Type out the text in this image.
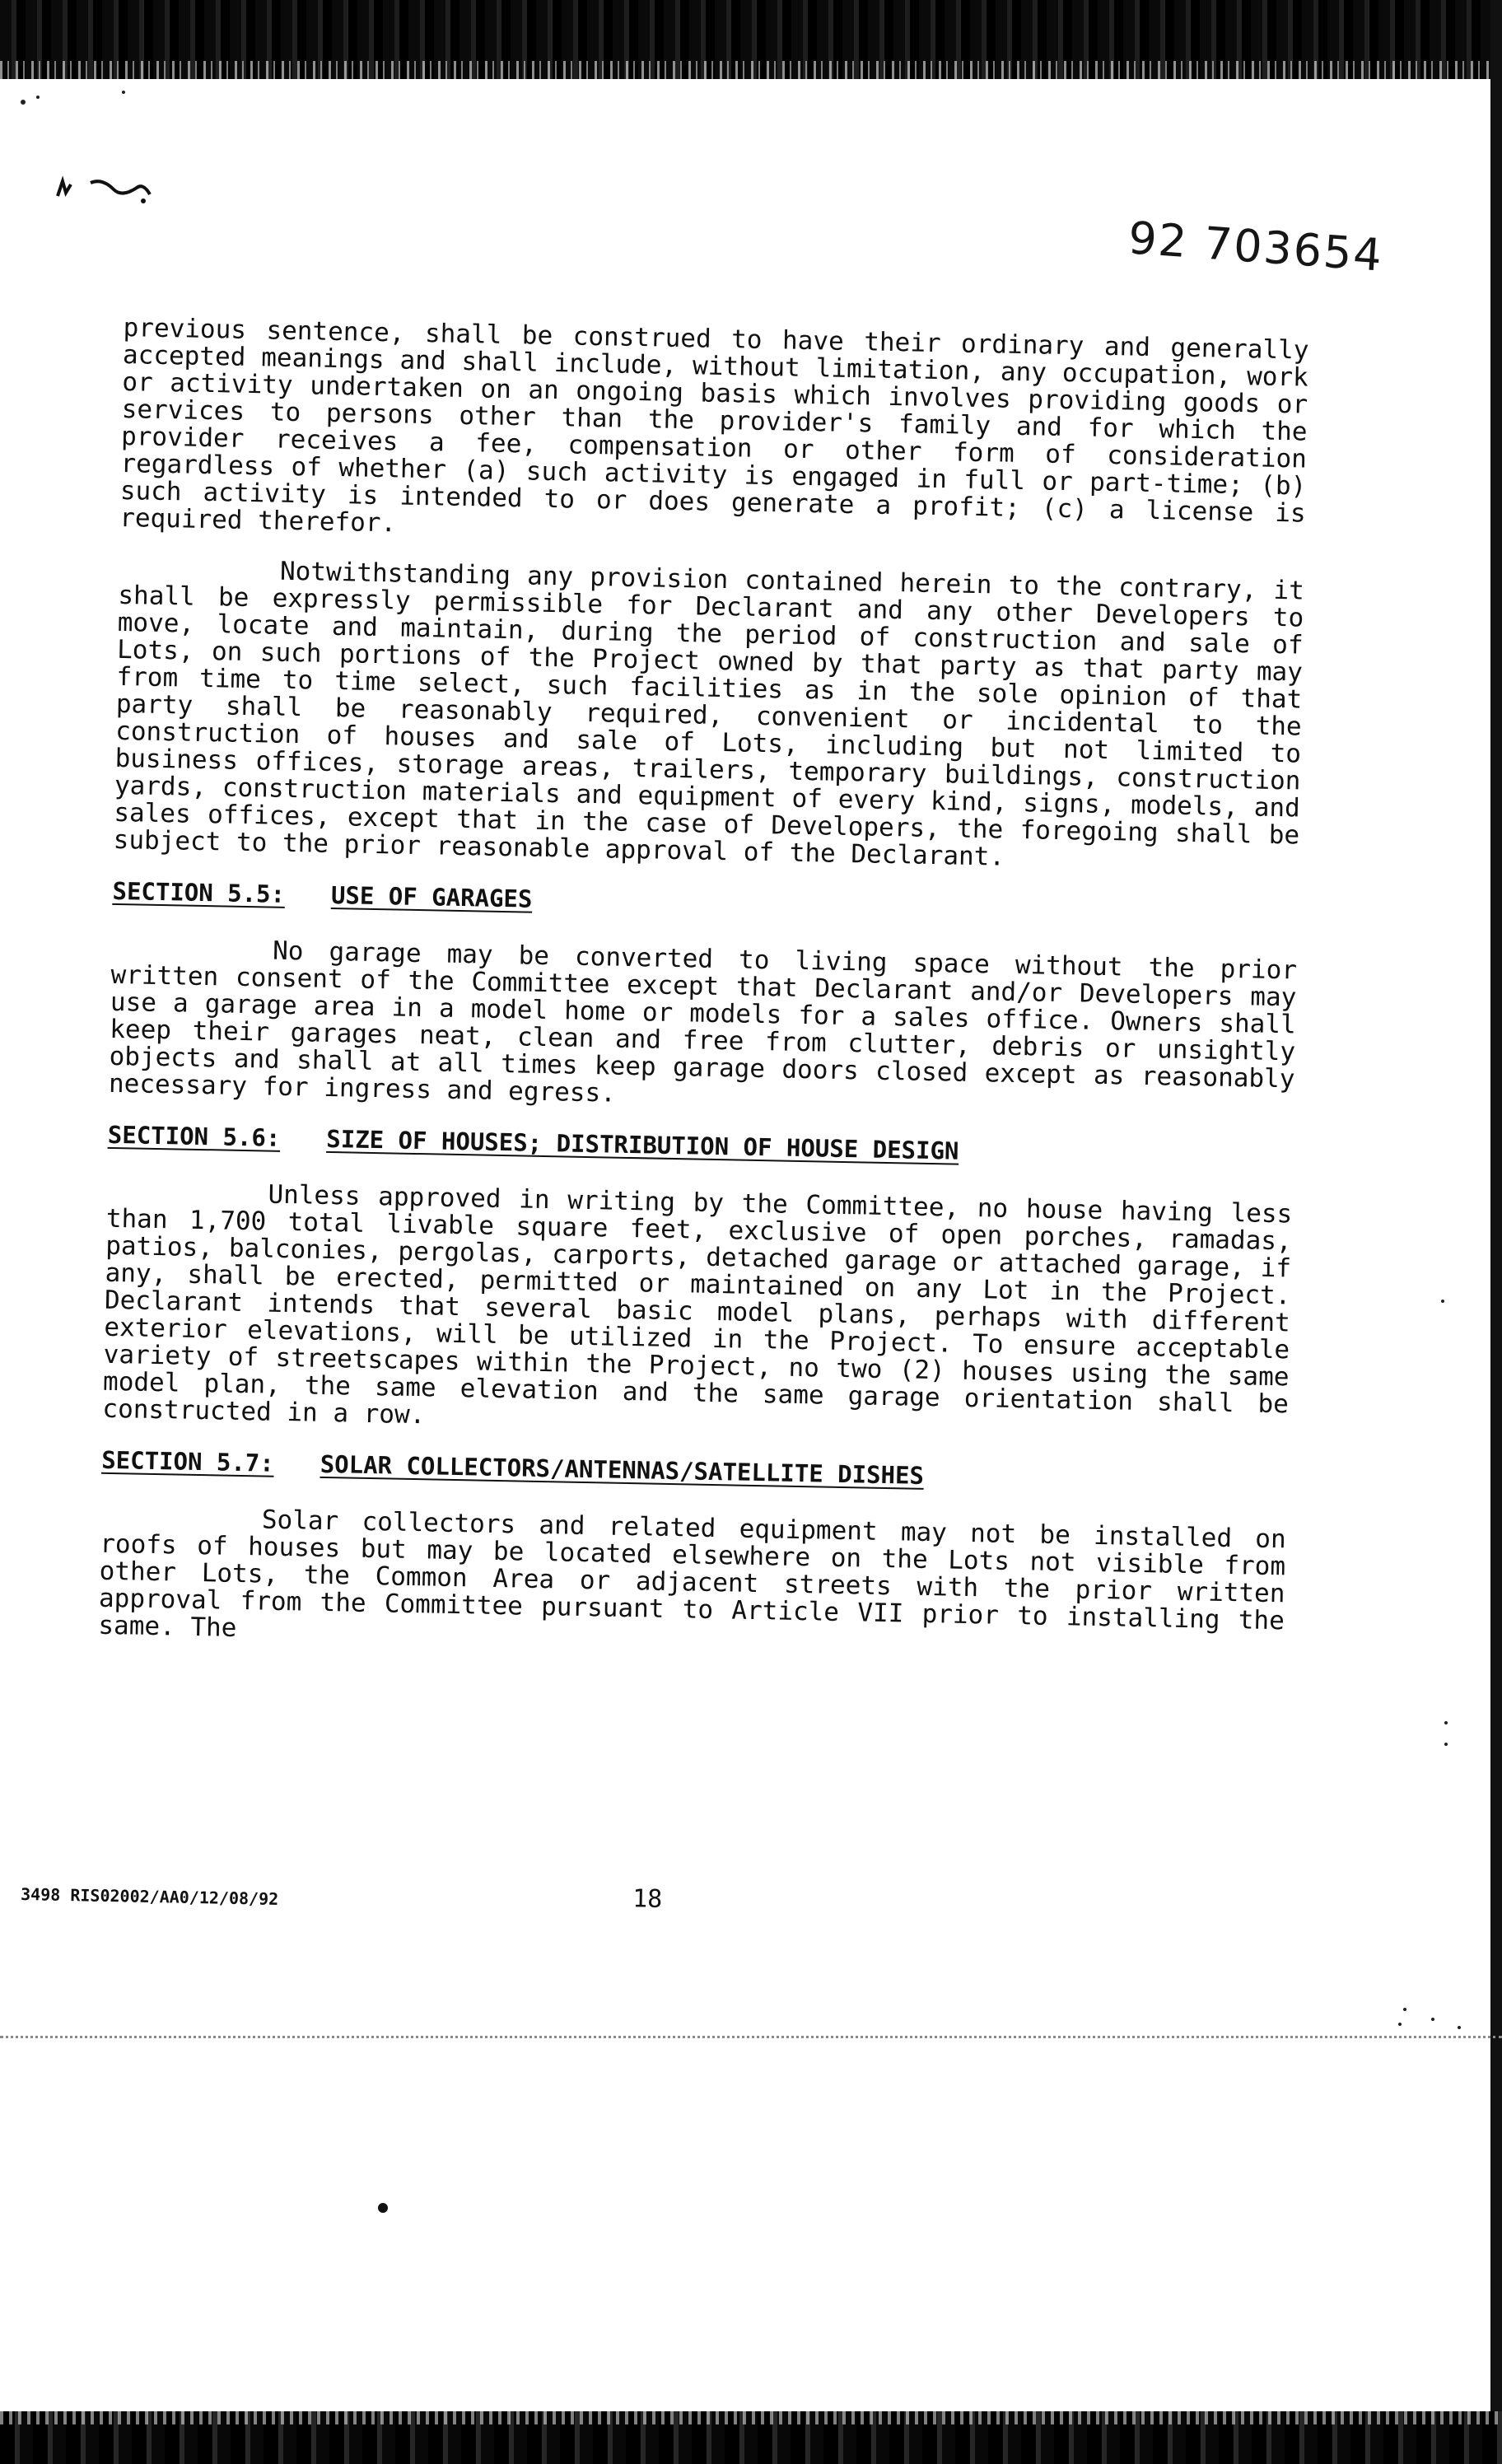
92 703654

previous sentence, shall be construed to have their ordinary and generally accepted meanings and shall include, without limitation, any occupation, work or activity undertaken on an ongoing basis which involves providing goods or services to persons other than the provider's family and for which the provider receives a fee, compensation or other form of consideration regardless of whether (a) such activity is engaged in full or part-time; (b) such activity is intended to or does generate a profit; (c) a license is required therefor.

Notwithstanding any provision contained herein to the contrary, it shall be expressly permissible for Declarant and any other Developers to move, locate and maintain, during the period of construction and sale of Lots, on such portions of the Project owned by that party as that party may from time to time select, such facilities as in the sole opinion of that party shall be reasonably required, convenient or incidental to the construction of houses and sale of Lots, including but not limited to business offices, storage areas, trailers, temporary buildings, construction yards, construction materials and equipment of every kind, signs, models, and sales offices, except that in the case of Developers, the foregoing shall be subject to the prior reasonable approval of the Declarant.

SECTION 5.5: USE OF GARAGES

No garage may be converted to living space without the prior written consent of the Committee except that Declarant and/or Developers may use a garage area in a model home or models for a sales office. Owners shall keep their garages neat, clean and free from clutter, debris or unsightly objects and shall at all times keep garage doors closed except as reasonably necessary for ingress and egress.

SECTION 5.6: SIZE OF HOUSES; DISTRIBUTION OF HOUSE DESIGN

Unless approved in writing by the Committee, no house having less than 1,700 total livable square feet, exclusive of open porches, ramadas, patios, balconies, pergolas, carports, detached garage or attached garage, if any, shall be erected, permitted or maintained on any Lot in the Project. Declarant intends that several basic model plans, perhaps with different exterior elevations, will be utilized in the Project. To ensure acceptable variety of streetscapes within the Project, no two (2) houses using the same model plan, the same elevation and the same garage orientation shall be constructed in a row.

SECTION 5.7: SOLAR COLLECTORS/ANTENNAS/SATELLITE DISHES

Solar collectors and related equipment may not be installed on roofs of houses but may be located elsewhere on the Lots not visible from other Lots, the Common Area or adjacent streets with the prior written approval from the Committee pursuant to Article VII prior to installing the same. The

3498 RIS02002/AA0/12/08/92	18
